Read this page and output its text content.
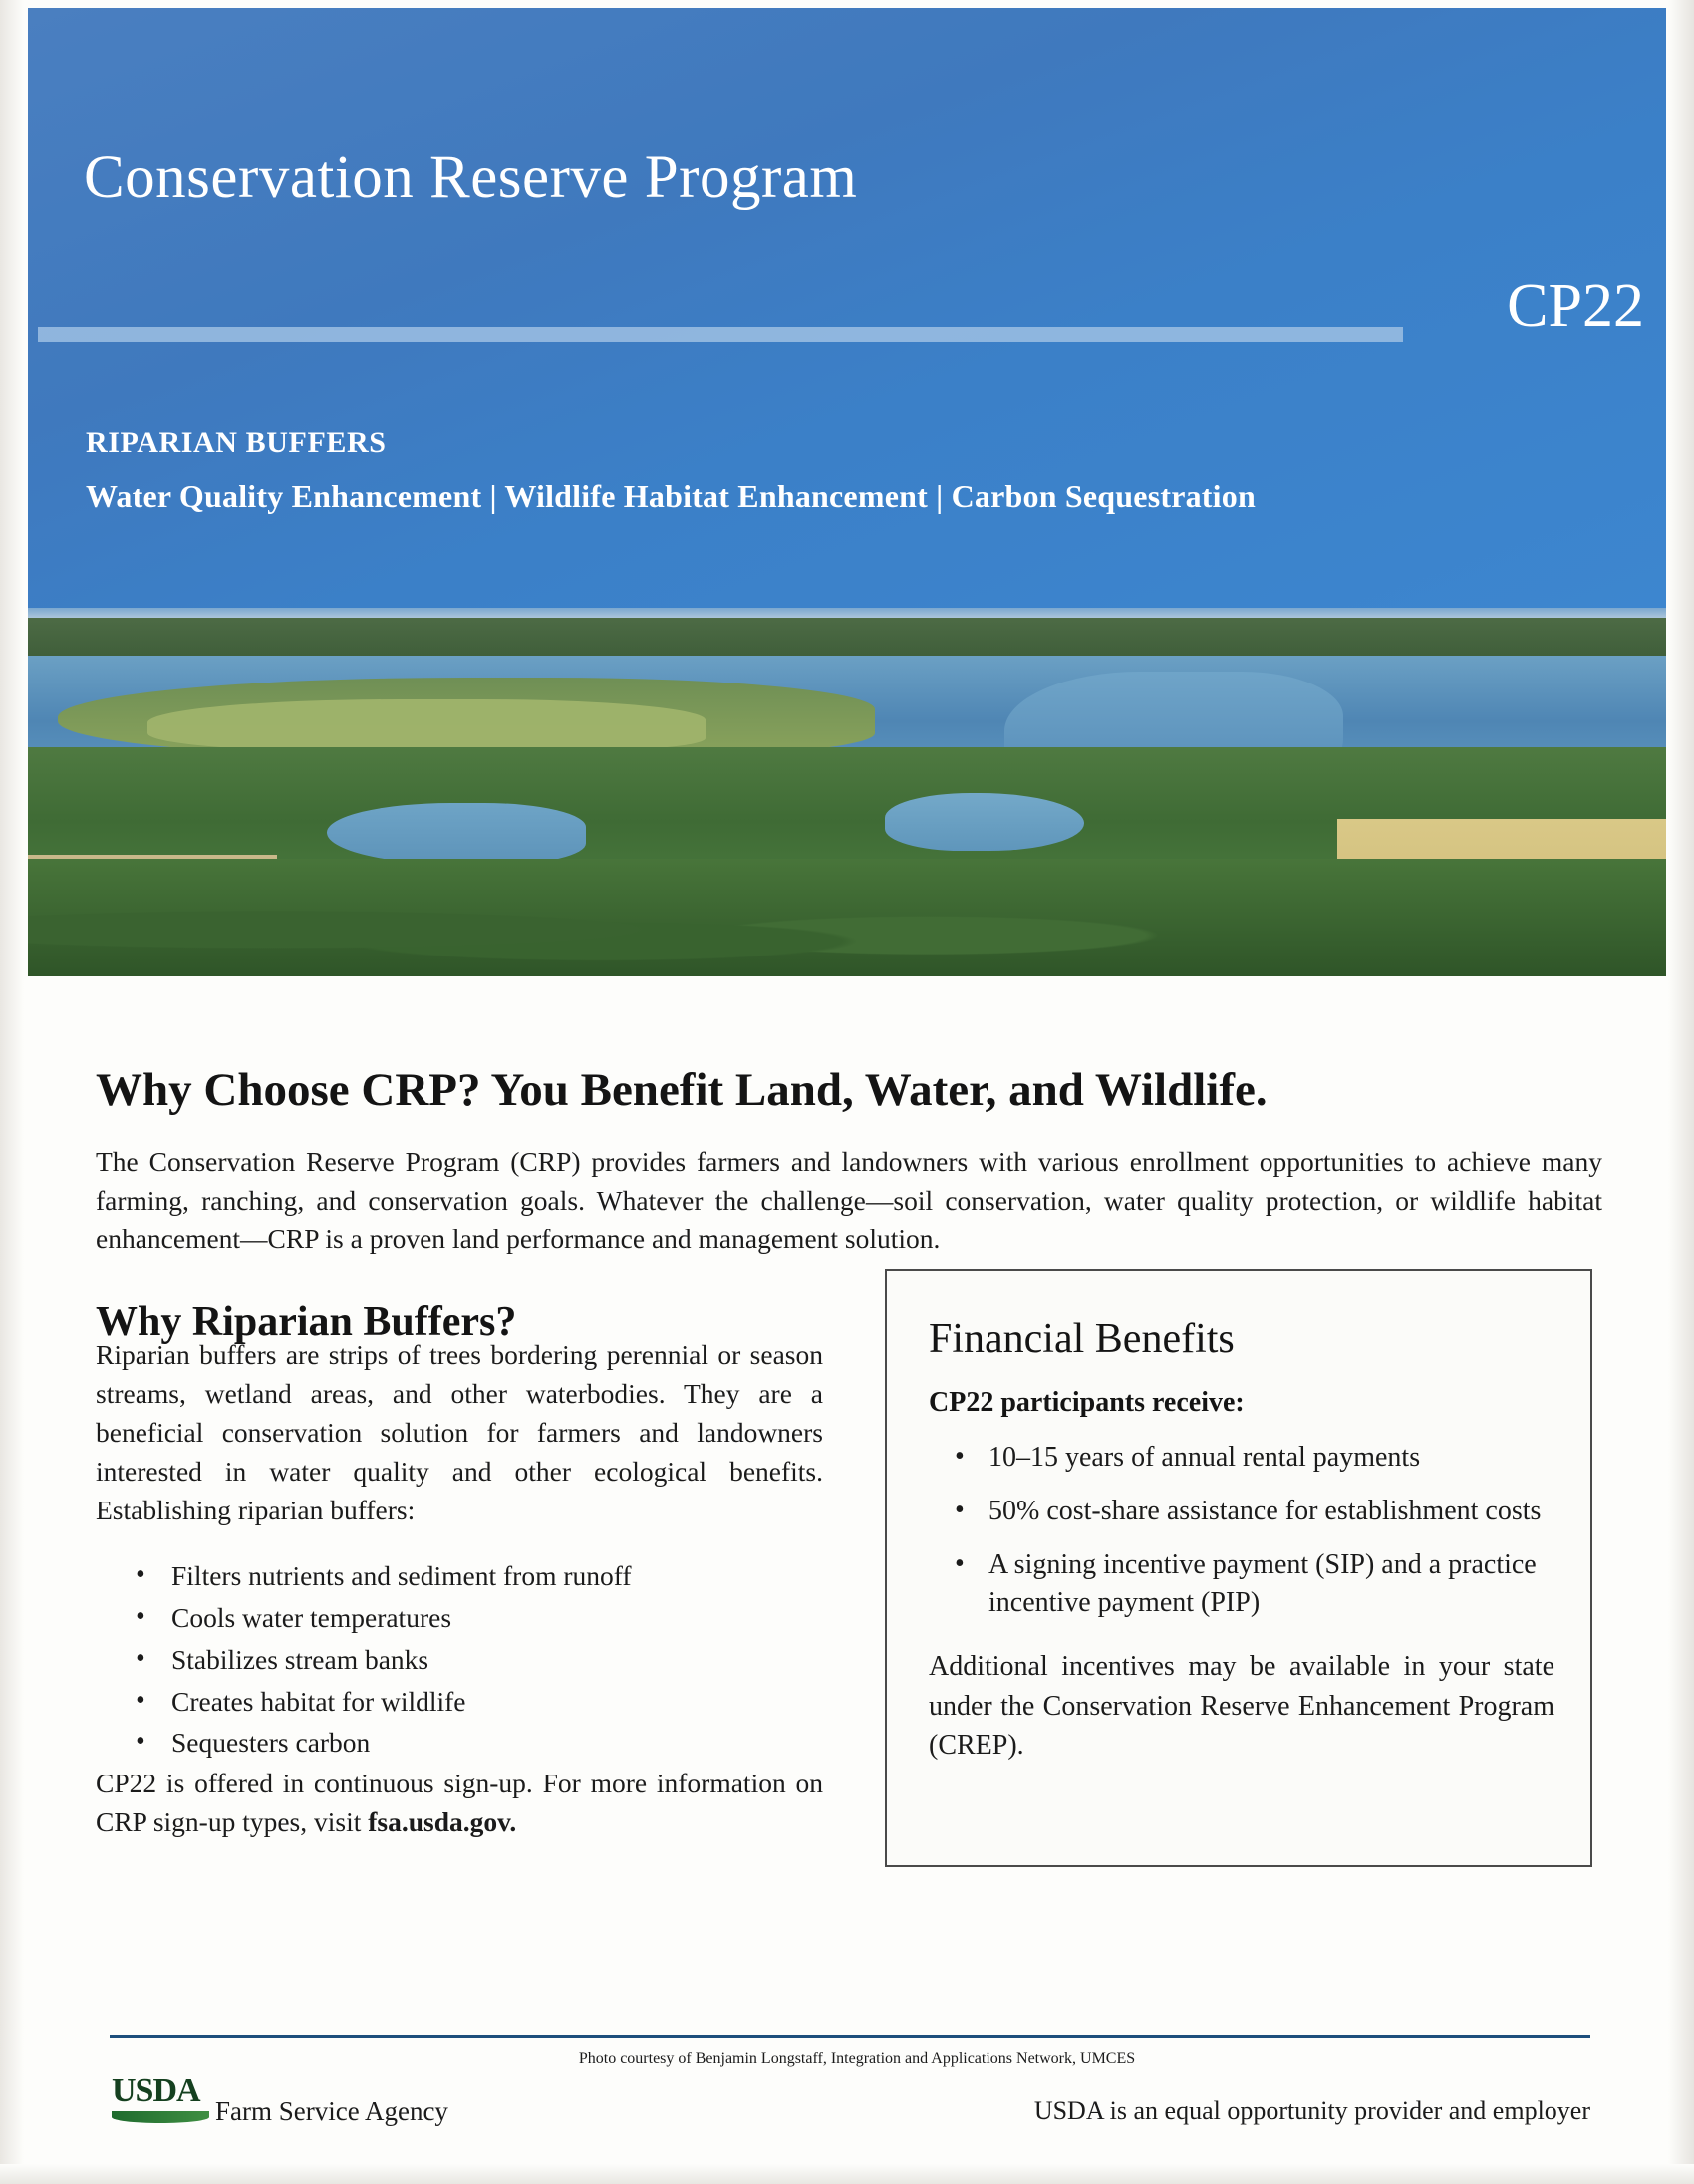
Conservation Reserve Program
CP22
RIPARIAN BUFFERS
Water Quality Enhancement | Wildlife Habitat Enhancement | Carbon Sequestration
Why Choose CRP? You Benefit Land, Water, and Wildlife.

The Conservation Reserve Program (CRP) provides farmers and landowners with various enrollment opportunities to achieve many farming, ranching, and conservation goals. Whatever the challenge—soil conservation, water quality protection, or wildlife habitat enhancement—CRP is a proven land performance and management solution.

Why Riparian Buffers?

Riparian buffers are strips of trees bordering perennial or season streams, wetland areas, and other waterbodies. They are a beneficial conservation solution for farmers and landowners interested in water quality and other ecological benefits. Establishing riparian buffers:

• Filters nutrients and sediment from runoff
• Cools water temperatures
• Stabilizes stream banks
• Creates habitat for wildlife
• Sequesters carbon

CP22 is offered in continuous sign-up. For more information on CRP sign-up types, visit fsa.usda.gov.

Financial Benefits
CP22 participants receive:
• 10–15 years of annual rental payments
• 50% cost-share assistance for establishment costs
• A signing incentive payment (SIP) and a practice incentive payment (PIP)

Additional incentives may be available in your state under the Conservation Reserve Enhancement Program (CREP).

Photo courtesy of Benjamin Longstaff, Integration and Applications Network, UMCES
USDA
Farm Service Agency	USDA is an equal opportunity provider and employer
